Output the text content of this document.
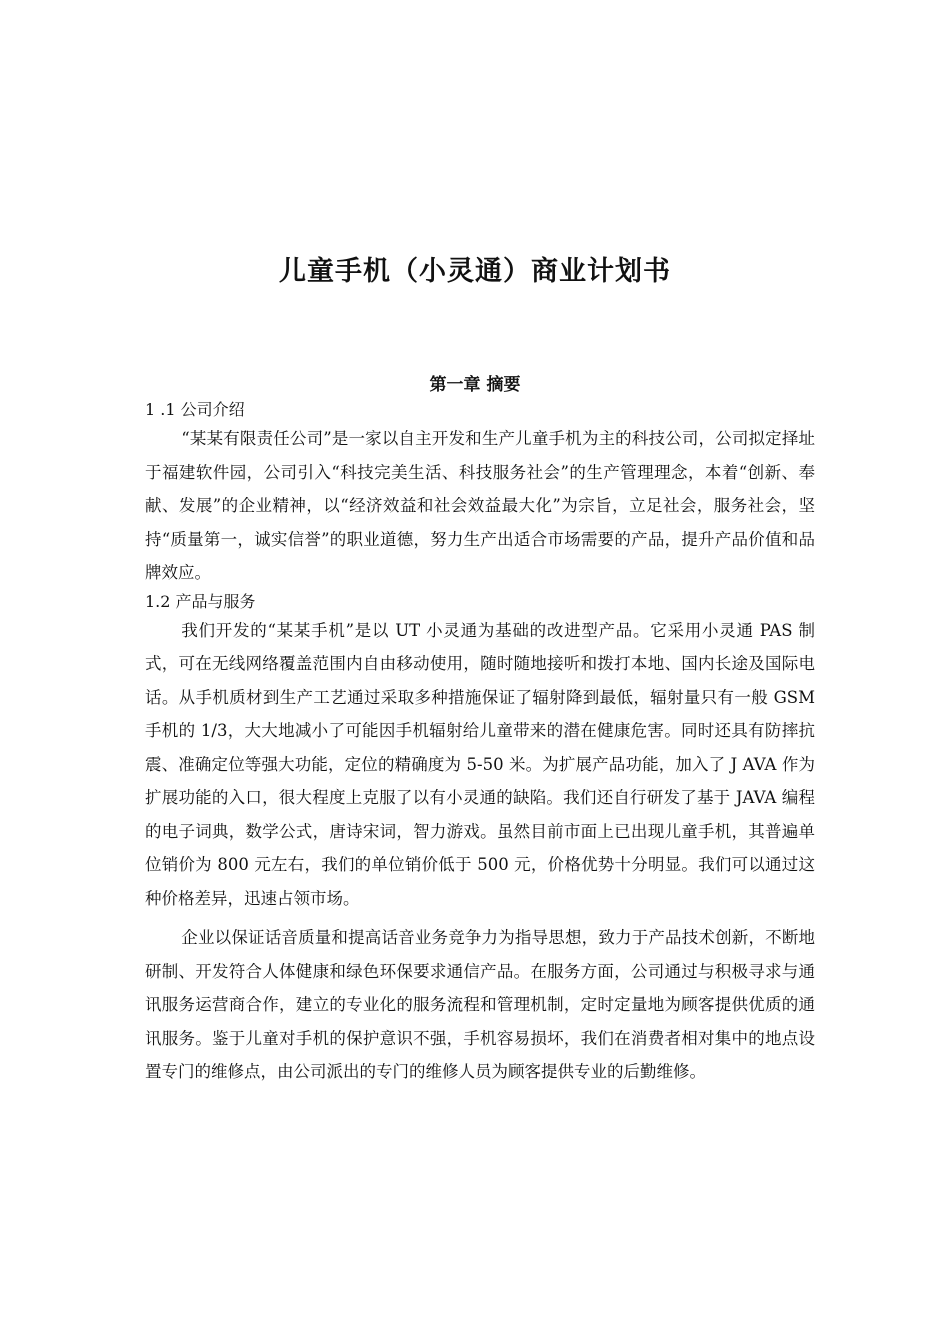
儿童手机（小灵通）商业计划书
第一章 摘要
1 .1 公司介绍

“某某有限责任公司”是一家以自主开发和生产儿童手机为主的科技公司，公司拟定择址于福建软件园，公司引入“科技完美生活、科技服务社会”的生产管理理念，本着“创新、奉献、发展”的企业精神，以“经济效益和社会效益最大化”为宗旨，立足社会，服务社会，坚持“质量第一，诚实信誉”的职业道德，努力生产出适合市场需要的产品，提升产品价值和品牌效应。

1.2 产品与服务

我们开发的“某某手机”是以 UT 小灵通为基础的改进型产品。它采用小灵通 PAS 制式，可在无线网络覆盖范围内自由移动使用，随时随地接听和拨打本地、国内长途及国际电话。从手机质材到生产工艺通过采取多种措施保证了辐射降到最低，辐射量只有一般 GSM 手机的 1/3，大大地减小了可能因手机辐射给儿童带来的潜在健康危害。同时还具有防摔抗震、准确定位等强大功能，定位的精确度为 5-50 米。为扩展产品功能，加入了 J AVA 作为扩展功能的入口，很大程度上克服了以有小灵通的缺陷。我们还自行研发了基于 JAVA 编程的电子词典，数学公式，唐诗宋词，智力游戏。虽然目前市面上已出现儿童手机，其普遍单位销价为 800 元左右，我们的单位销价低于 500 元，价格优势十分明显。我们可以通过这种价格差异，迅速占领市场。

企业以保证话音质量和提高话音业务竞争力为指导思想，致力于产品技术创新，不断地研制、开发符合人体健康和绿色环保要求通信产品。在服务方面，公司通过与积极寻求与通讯服务运营商合作，建立的专业化的服务流程和管理机制，定时定量地为顾客提供优质的通讯服务。鉴于儿童对手机的保护意识不强，手机容易损坏，我们在消费者相对集中的地点设置专门的维修点，由公司派出的专门的维修人员为顾客提供专业的后勤维修。
